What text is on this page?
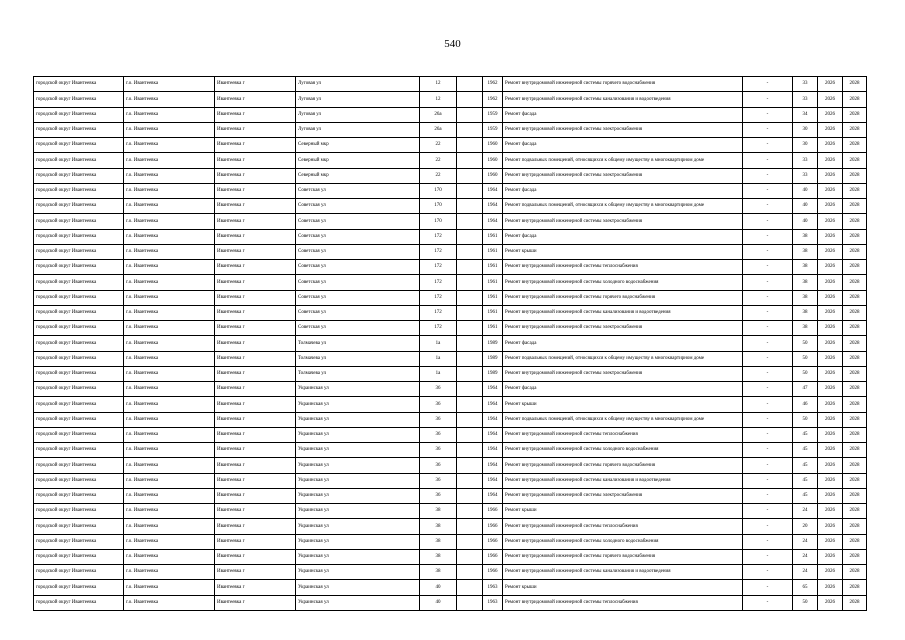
540
городской округ Ивантеевка	г.о. Ивантеевка	Ивантеевка г	Луговая ул	12		1962	Ремонт внутридомовой инженерной системы горячего водоснабжения	-	33	2026	2028
городской округ Ивантеевка	г.о. Ивантеевка	Ивантеевка г	Луговая ул	12		1962	Ремонт внутридомовой инженерной системы канализования и водоотведения	-	33	2026	2028
городской округ Ивантеевка	г.о. Ивантеевка	Ивантеевка г	Луговая ул	26а		1959	Ремонт фасада	-	34	2026	2028
городской округ Ивантеевка	г.о. Ивантеевка	Ивантеевка г	Луговая ул	26а		1959	Ремонт внутридомовой инженерной системы электроснабжения	-	30	2026	2028
городской округ Ивантеевка	г.о. Ивантеевка	Ивантеевка г	Северный мкр	22		1960	Ремонт фасада	-	30	2026	2028
городской округ Ивантеевка	г.о. Ивантеевка	Ивантеевка г	Северный мкр	22		1960	Ремонт подвальных помещений, относящихся к общему имуществу в многоквартирном доме	-	33	2026	2028
городской округ Ивантеевка	г.о. Ивантеевка	Ивантеевка г	Северный мкр	22		1960	Ремонт внутридомовой инженерной системы электроснабжения	-	33	2026	2028
городской округ Ивантеевка	г.о. Ивантеевка	Ивантеевка г	Советская ул	170		1964	Ремонт фасада	-	40	2026	2028
городской округ Ивантеевка	г.о. Ивантеевка	Ивантеевка г	Советская ул	170		1964	Ремонт подвальных помещений, относящихся к общему имуществу в многоквартирном доме	-	40	2026	2028
городской округ Ивантеевка	г.о. Ивантеевка	Ивантеевка г	Советская ул	170		1964	Ремонт внутридомовой инженерной системы электроснабжения	-	40	2026	2028
городской округ Ивантеевка	г.о. Ивантеевка	Ивантеевка г	Советская ул	172		1961	Ремонт фасада	-	38	2026	2028
городской округ Ивантеевка	г.о. Ивантеевка	Ивантеевка г	Советская ул	172		1961	Ремонт крыши	-	38	2026	2028
городской округ Ивантеевка	г.о. Ивантеевка	Ивантеевка г	Советская ул	172		1961	Ремонт внутридомовой инженерной системы теплоснабжения	-	38	2026	2028
городской округ Ивантеевка	г.о. Ивантеевка	Ивантеевка г	Советская ул	172		1961	Ремонт внутридомовой инженерной системы холодного водоснабжения	-	38	2026	2028
городской округ Ивантеевка	г.о. Ивантеевка	Ивантеевка г	Советская ул	172		1961	Ремонт внутридомовой инженерной системы горячего водоснабжения	-	38	2026	2028
городской округ Ивантеевка	г.о. Ивантеевка	Ивантеевка г	Советская ул	172		1961	Ремонт внутридомовой инженерной системы канализования и водоотведения	-	38	2026	2028
городской округ Ивантеевка	г.о. Ивантеевка	Ивантеевка г	Советская ул	172		1961	Ремонт внутридомовой инженерной системы электроснабжения	-	38	2026	2028
городской округ Ивантеевка	г.о. Ивантеевка	Ивантеевка г	Толмачева ул	1а		1989	Ремонт фасада	-	50	2026	2028
городской округ Ивантеевка	г.о. Ивантеевка	Ивантеевка г	Толмачева ул	1а		1989	Ремонт подвальных помещений, относящихся к общему имуществу в многоквартирном доме	-	50	2026	2028
городской округ Ивантеевка	г.о. Ивантеевка	Ивантеевка г	Толмачева ул	1а		1989	Ремонт внутридомовой инженерной системы электроснабжения	-	50	2026	2028
городской округ Ивантеевка	г.о. Ивантеевка	Ивантеевка г	Украинская ул	36		1964	Ремонт фасада	-	47	2026	2028
городской округ Ивантеевка	г.о. Ивантеевка	Ивантеевка г	Украинская ул	36		1964	Ремонт крыши	-	46	2026	2028
городской округ Ивантеевка	г.о. Ивантеевка	Ивантеевка г	Украинская ул	36		1964	Ремонт подвальных помещений, относящихся к общему имуществу в многоквартирном доме	-	50	2026	2028
городской округ Ивантеевка	г.о. Ивантеевка	Ивантеевка г	Украинская ул	36		1964	Ремонт внутридомовой инженерной системы теплоснабжения	-	45	2026	2028
городской округ Ивантеевка	г.о. Ивантеевка	Ивантеевка г	Украинская ул	36		1964	Ремонт внутридомовой инженерной системы холодного водоснабжения	-	45	2026	2028
городской округ Ивантеевка	г.о. Ивантеевка	Ивантеевка г	Украинская ул	36		1964	Ремонт внутридомовой инженерной системы горячего водоснабжения	-	45	2026	2028
городской округ Ивантеевка	г.о. Ивантеевка	Ивантеевка г	Украинская ул	36		1964	Ремонт внутридомовой инженерной системы канализования и водоотведения	-	45	2026	2028
городской округ Ивантеевка	г.о. Ивантеевка	Ивантеевка г	Украинская ул	36		1964	Ремонт внутридомовой инженерной системы электроснабжения	-	45	2026	2028
городской округ Ивантеевка	г.о. Ивантеевка	Ивантеевка г	Украинская ул	38		1966	Ремонт крыши	-	24	2026	2028
городской округ Ивантеевка	г.о. Ивантеевка	Ивантеевка г	Украинская ул	38		1966	Ремонт внутридомовой инженерной системы теплоснабжения	-	20	2026	2028
городской округ Ивантеевка	г.о. Ивантеевка	Ивантеевка г	Украинская ул	38		1966	Ремонт внутридомовой инженерной системы холодного водоснабжения	-	24	2026	2028
городской округ Ивантеевка	г.о. Ивантеевка	Ивантеевка г	Украинская ул	38		1966	Ремонт внутридомовой инженерной системы горячего водоснабжения	-	24	2026	2028
городской округ Ивантеевка	г.о. Ивантеевка	Ивантеевка г	Украинская ул	38		1966	Ремонт внутридомовой инженерной системы канализования и водоотведения	-	24	2026	2028
городской округ Ивантеевка	г.о. Ивантеевка	Ивантеевка г	Украинская ул	40		1963	Ремонт крыши	-	65	2026	2028
городской округ Ивантеевка	г.о. Ивантеевка	Ивантеевка г	Украинская ул	40		1963	Ремонт внутридомовой инженерной системы теплоснабжения	-	50	2026	2028
